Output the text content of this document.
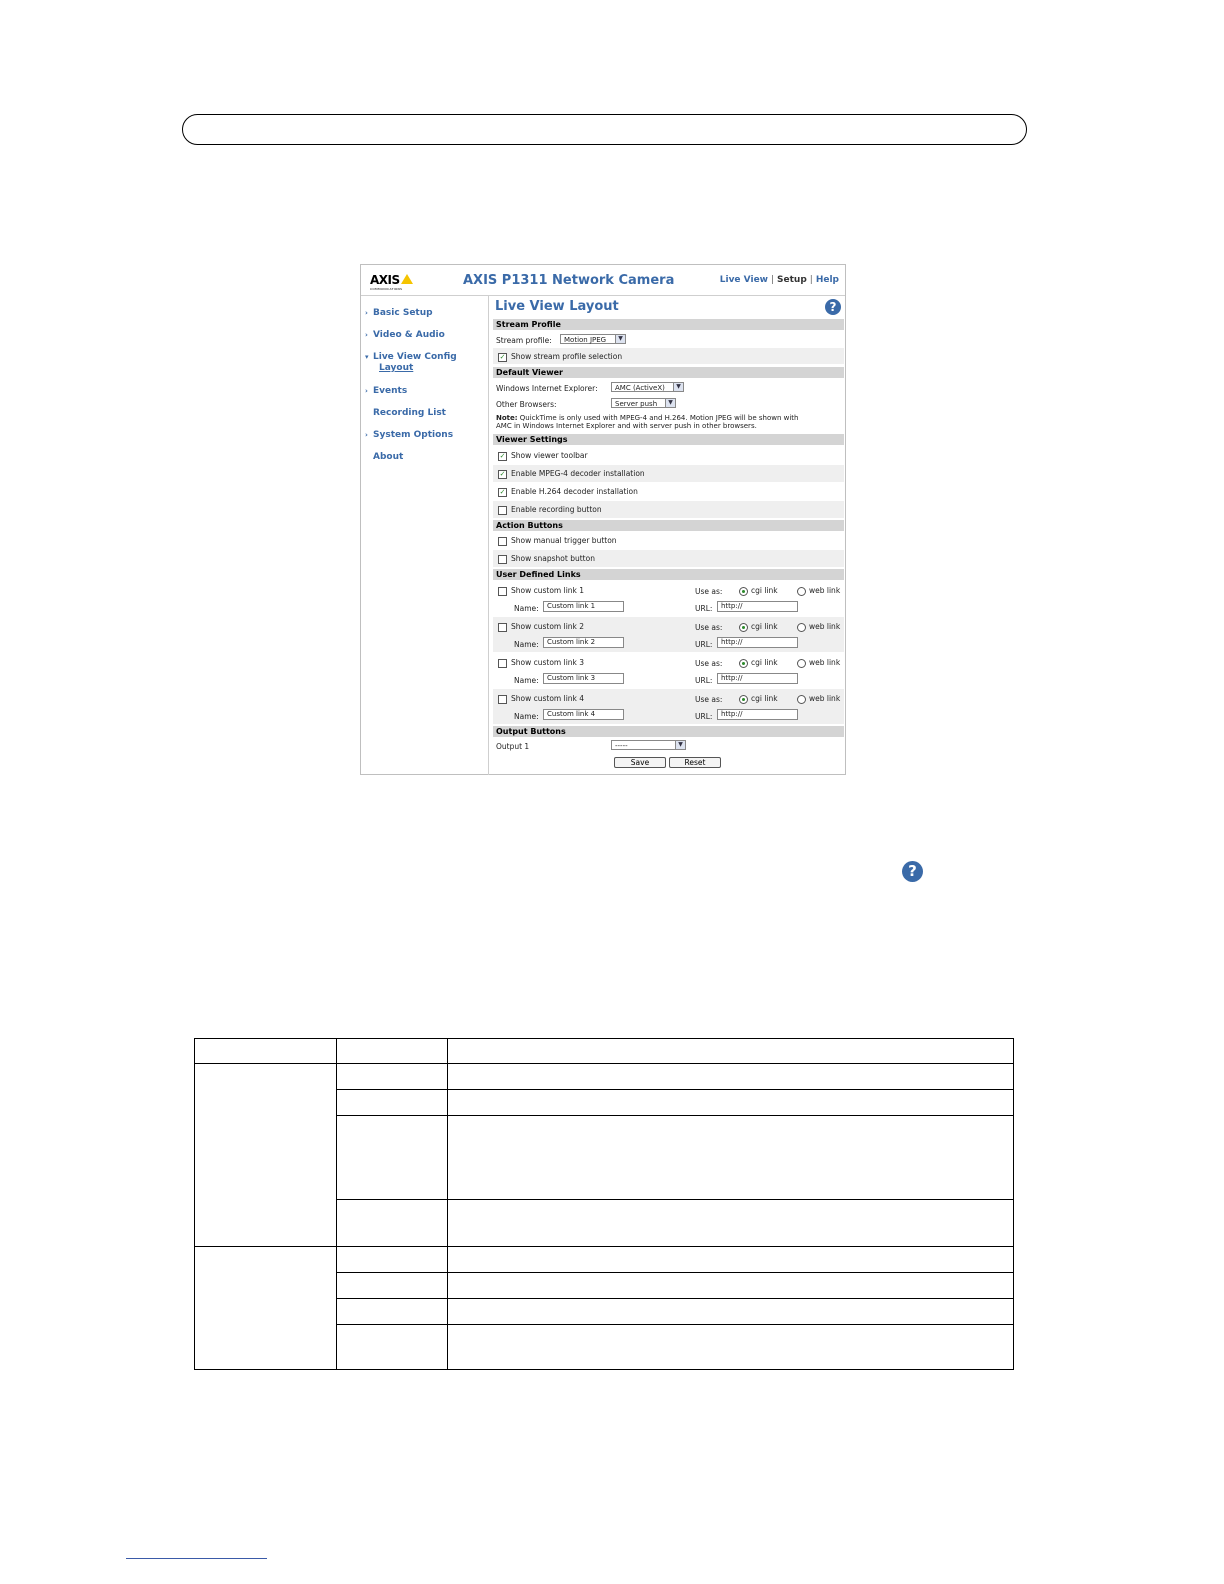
AXIS
COMMUNICATIONS
AXIS P1311 Network Camera	Live View | Setup | Help
› Basic Setup
› Video & Audio
▾ Live View Config
Layout
› Events
Recording List
› System Options
About
Live View Layout	?
Stream Profile
Stream profile:	Motion JPEG	▼
✓ Show stream profile selection
Default Viewer
Windows Internet Explorer:	AMC (ActiveX)	▼
Other Browsers:	Server push	▼
Note: QuickTime is only used with MPEG-4 and H.264. Motion JPEG will be shown with
AMC in Windows Internet Explorer and with server push in other browsers.
Viewer Settings
✓ Show viewer toolbar
✓ Enable MPEG-4 decoder installation
✓ Enable H.264 decoder installation
Enable recording button
Action Buttons
Show manual trigger button
Show snapshot button
User Defined Links
Show custom link 1	Use as:	cgi link	web link
Name:	Custom link 1	URL:	http://
Show custom link 2	Use as:	cgi link	web link
Name:	Custom link 2	URL:	http://
Show custom link 3	Use as:	cgi link	web link
Name:	Custom link 3	URL:	http://
Show custom link 4	Use as:	cgi link	web link
Name:	Custom link 4	URL:	http://
Output Buttons
Output 1	-----	▼
Save	Reset
?
